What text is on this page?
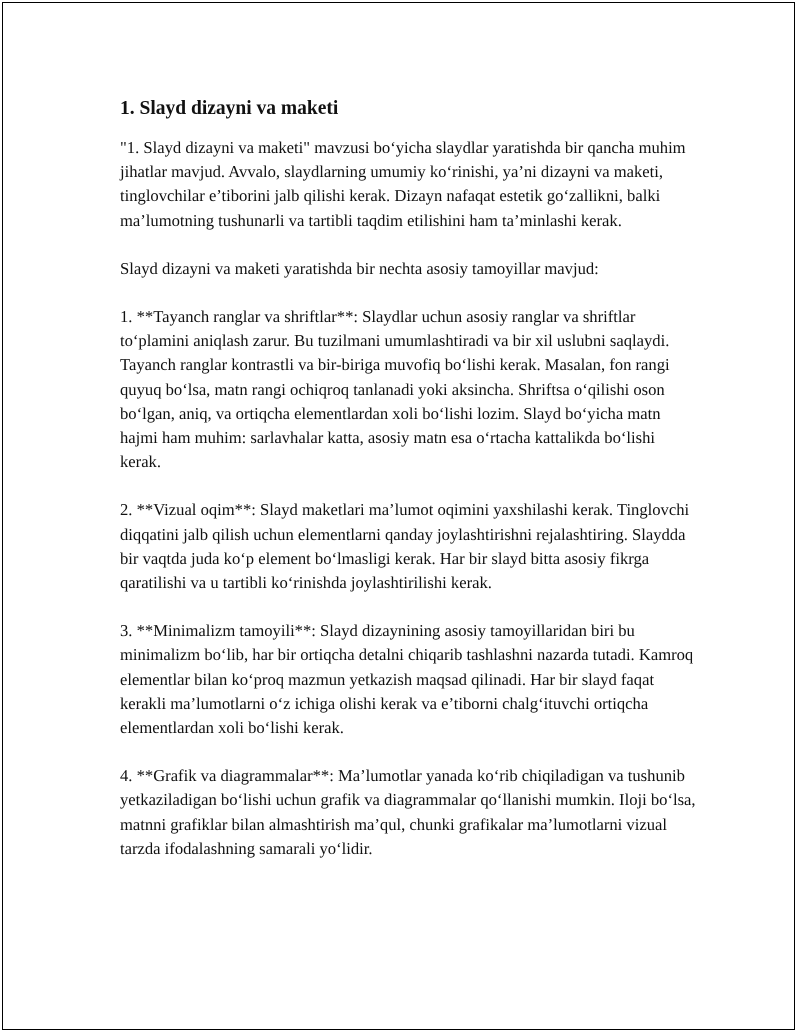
1. Slayd dizayni va maketi

"1. Slayd dizayni va maketi" mavzusi bo‘yicha slaydlar yaratishda bir qancha muhim jihatlar mavjud. Avvalo, slaydlarning umumiy ko‘rinishi, ya’ni dizayni va maketi, tinglovchilar e’tiborini jalb qilishi kerak. Dizayn nafaqat estetik go‘zallikni, balki ma’lumotning tushunarli va tartibli taqdim etilishini ham ta’minlashi kerak.

Slayd dizayni va maketi yaratishda bir nechta asosiy tamoyillar mavjud:

1. **Tayanch ranglar va shriftlar**: Slaydlar uchun asosiy ranglar va shriftlar to‘plamini aniqlash zarur. Bu tuzilmani umumlashtiradi va bir xil uslubni saqlaydi. Tayanch ranglar kontrastli va bir-biriga muvofiq bo‘lishi kerak. Masalan, fon rangi quyuq bo‘lsa, matn rangi ochiqroq tanlanadi yoki aksincha. Shriftsa o‘qilishi oson bo‘lgan, aniq, va ortiqcha elementlardan xoli bo‘lishi lozim. Slayd bo‘yicha matn hajmi ham muhim: sarlavhalar katta, asosiy matn esa o‘rtacha kattalikda bo‘lishi kerak.

2. **Vizual oqim**: Slayd maketlari ma’lumot oqimini yaxshilashi kerak. Tinglovchi diqqatini jalb qilish uchun elementlarni qanday joylashtirishni rejalashtiring. Slaydda bir vaqtda juda ko‘p element bo‘lmasligi kerak. Har bir slayd bitta asosiy fikrga qaratilishi va u tartibli ko‘rinishda joylashtirilishi kerak.

3. **Minimalizm tamoyili**: Slayd dizaynining asosiy tamoyillaridan biri bu minimalizm bo‘lib, har bir ortiqcha detalni chiqarib tashlashni nazarda tutadi. Kamroq elementlar bilan ko‘proq mazmun yetkazish maqsad qilinadi. Har bir slayd faqat kerakli ma’lumotlarni o‘z ichiga olishi kerak va e’tiborni chalg‘ituvchi ortiqcha elementlardan xoli bo‘lishi kerak.

4. **Grafik va diagrammalar**: Ma’lumotlar yanada ko‘rib chiqiladigan va tushunib yetkaziladigan bo‘lishi uchun grafik va diagrammalar qo‘llanishi mumkin. Iloji bo‘lsa, matnni grafiklar bilan almashtirish ma’qul, chunki grafikalar ma’lumotlarni vizual tarzda ifodalashning samarali yo‘lidir.
